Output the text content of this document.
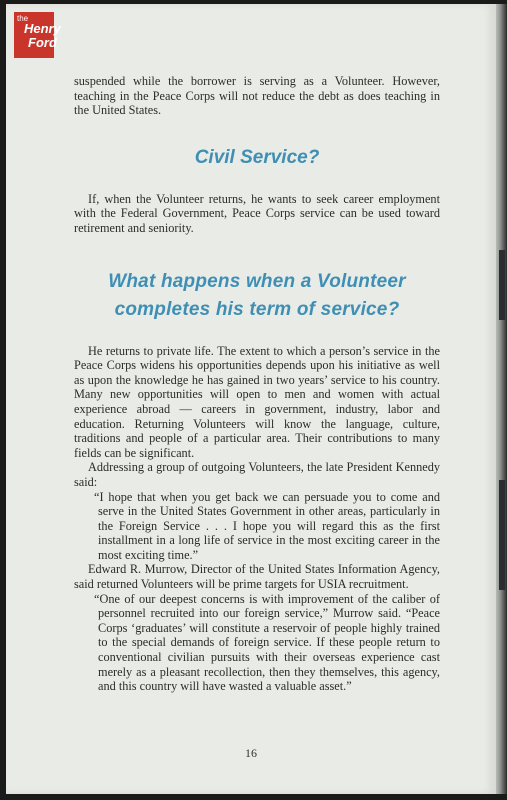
the
Henry
Ford

suspended while the borrower is serving as a Volunteer. However, teaching in the Peace Corps will not reduce the debt as does teaching in the United States.

Civil Service?

If, when the Volunteer returns, he wants to seek career employment with the Federal Government, Peace Corps service can be used toward retirement and seniority.

What happens when a Volunteer
completes his term of service?

He returns to private life. The extent to which a person’s service in the Peace Corps widens his opportunities depends upon his initiative as well as upon the knowledge he has gained in two years’ service to his country. Many new opportunities will open to men and women with actual experience abroad — careers in government, industry, labor and education. Returning Volunteers will know the language, culture, traditions and people of a particular area. Their contributions to many fields can be significant.

Addressing a group of outgoing Volunteers, the late President Kennedy said:

“I hope that when you get back we can persuade you to come and serve in the United States Government in other areas, particularly in the Foreign Service . . . I hope you will regard this as the first installment in a long life of service in the most exciting career in the most exciting time.”

Edward R. Murrow, Director of the United States Information Agency, said returned Volunteers will be prime targets for USIA recruitment.

“One of our deepest concerns is with improvement of the caliber of personnel recruited into our foreign service,” Murrow said. “Peace Corps ‘graduates’ will constitute a reservoir of people highly trained to the special demands of foreign service. If these people return to conventional civilian pursuits with their overseas experience cast merely as a pleasant recollection, then they themselves, this agency, and this country will have wasted a valuable asset.”

16
